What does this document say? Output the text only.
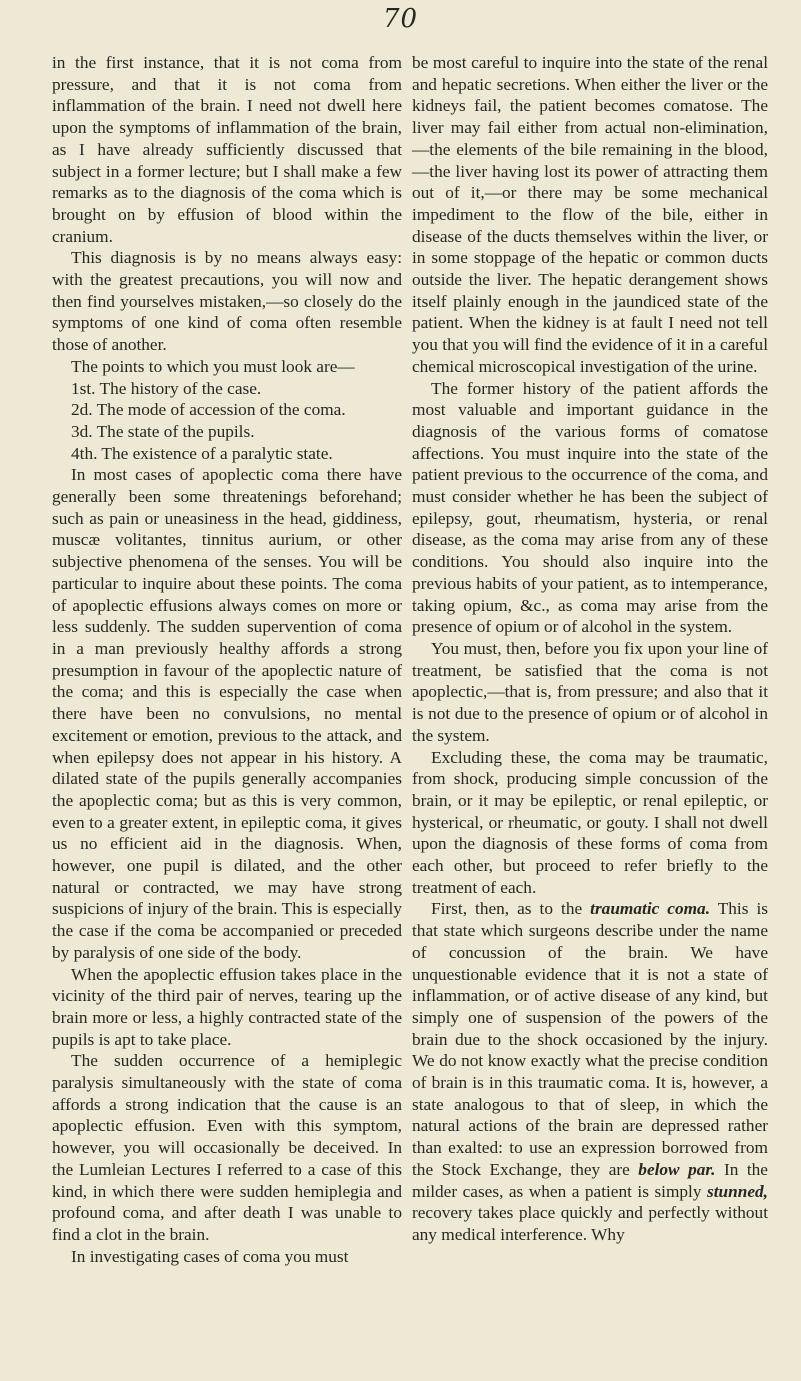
70

in the first instance, that it is not coma from pressure, and that it is not coma from inflammation of the brain. I need not dwell here upon the symptoms of inflammation of the brain, as I have already sufficiently discussed that subject in a former lecture; but I shall make a few remarks as to the diagnosis of the coma which is brought on by effusion of blood within the cranium.

This diagnosis is by no means always easy: with the greatest precautions, you will now and then find yourselves mistaken,—so closely do the symptoms of one kind of coma often resemble those of another.

The points to which you must look are—

1st. The history of the case.

2d. The mode of accession of the coma.

3d. The state of the pupils.

4th. The existence of a paralytic state.

In most cases of apoplectic coma there have generally been some threatenings beforehand; such as pain or uneasiness in the head, giddiness, muscæ volitantes, tinnitus aurium, or other subjective phenomena of the senses. You will be particular to inquire about these points. The coma of apoplectic effusions always comes on more or less suddenly. The sudden supervention of coma in a man previously healthy affords a strong presumption in favour of the apoplectic nature of the coma; and this is especially the case when there have been no convulsions, no mental excitement or emotion, previous to the attack, and when epilepsy does not appear in his history. A dilated state of the pupils generally accompanies the apoplectic coma; but as this is very common, even to a greater extent, in epileptic coma, it gives us no efficient aid in the diagnosis. When, however, one pupil is dilated, and the other natural or contracted, we may have strong suspicions of injury of the brain. This is especially the case if the coma be accompanied or preceded by paralysis of one side of the body.

When the apoplectic effusion takes place in the vicinity of the third pair of nerves, tearing up the brain more or less, a highly contracted state of the pupils is apt to take place.

The sudden occurrence of a hemiplegic paralysis simultaneously with the state of coma affords a strong indication that the cause is an apoplectic effusion. Even with this symptom, however, you will occasionally be deceived. In the Lumleian Lectures I referred to a case of this kind, in which there were sudden hemiplegia and profound coma, and after death I was unable to find a clot in the brain.

In investigating cases of coma you must

be most careful to inquire into the state of the renal and hepatic secretions. When either the liver or the kidneys fail, the patient becomes comatose. The liver may fail either from actual non-elimination,—the elements of the bile remaining in the blood,—the liver having lost its power of attracting them out of it,—or there may be some mechanical impediment to the flow of the bile, either in disease of the ducts themselves within the liver, or in some stoppage of the hepatic or common ducts outside the liver. The hepatic derangement shows itself plainly enough in the jaundiced state of the patient. When the kidney is at fault I need not tell you that you will find the evidence of it in a careful chemical microscopical investigation of the urine.

The former history of the patient affords the most valuable and important guidance in the diagnosis of the various forms of comatose affections. You must inquire into the state of the patient previous to the occurrence of the coma, and must consider whether he has been the subject of epilepsy, gout, rheumatism, hysteria, or renal disease, as the coma may arise from any of these conditions. You should also inquire into the previous habits of your patient, as to intemperance, taking opium, &c., as coma may arise from the presence of opium or of alcohol in the system.

You must, then, before you fix upon your line of treatment, be satisfied that the coma is not apoplectic,—that is, from pressure; and also that it is not due to the presence of opium or of alcohol in the system.

Excluding these, the coma may be traumatic, from shock, producing simple concussion of the brain, or it may be epileptic, or renal epileptic, or hysterical, or rheumatic, or gouty. I shall not dwell upon the diagnosis of these forms of coma from each other, but proceed to refer briefly to the treatment of each.

First, then, as to the traumatic coma. This is that state which surgeons describe under the name of concussion of the brain. We have unquestionable evidence that it is not a state of inflammation, or of active disease of any kind, but simply one of suspension of the powers of the brain due to the shock occasioned by the injury. We do not know exactly what the precise condition of brain is in this traumatic coma. It is, however, a state analogous to that of sleep, in which the natural actions of the brain are depressed rather than exalted: to use an expression borrowed from the Stock Exchange, they are below par. In the milder cases, as when a patient is simply stunned, recovery takes place quickly and perfectly without any medical interference. Why
